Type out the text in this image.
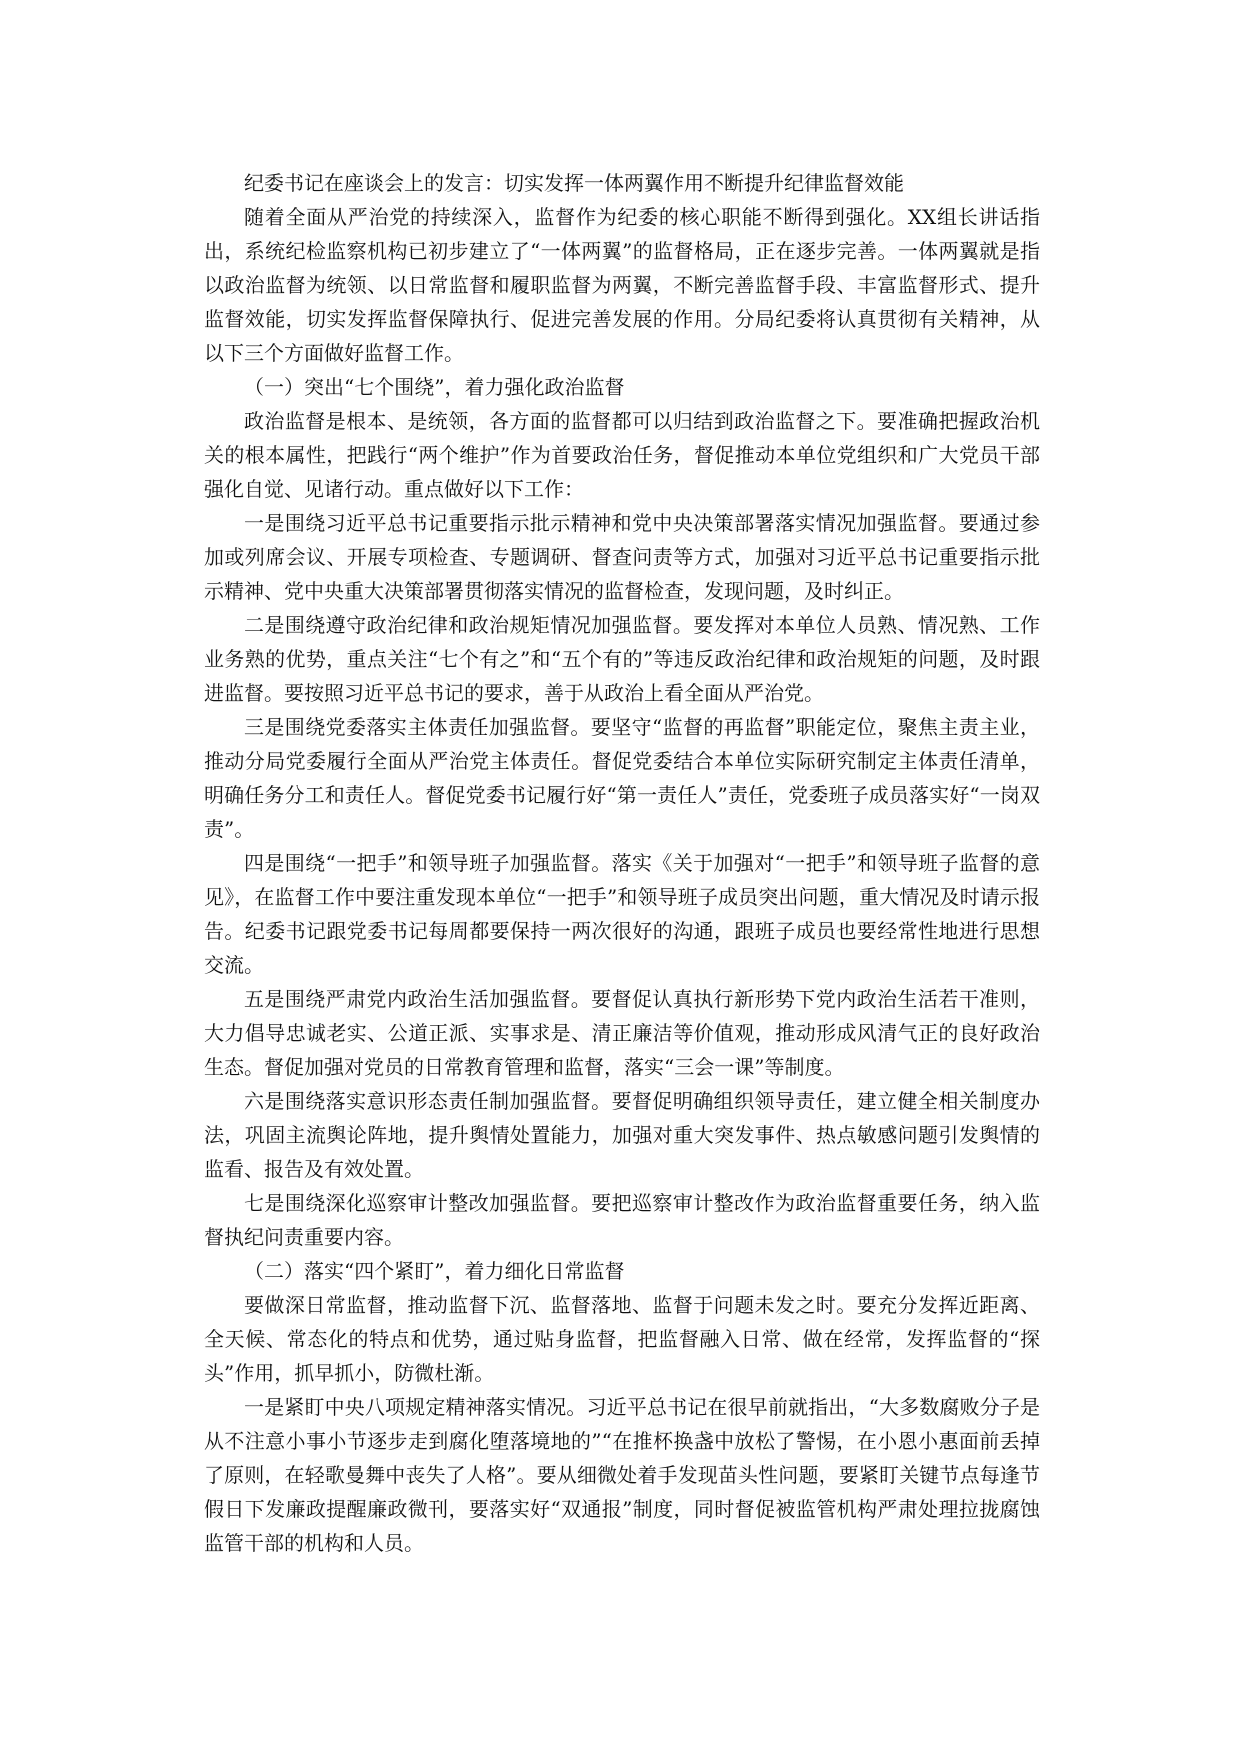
纪委书记在座谈会上的发言：切实发挥一体两翼作用不断提升纪律监督效能

随着全面从严治党的持续深入，监督作为纪委的核心职能不断得到强化。XX组长讲话指出，系统纪检监察机构已初步建立了“一体两翼”的监督格局，正在逐步完善。一体两翼就是指以政治监督为统领、以日常监督和履职监督为两翼，不断完善监督手段、丰富监督形式、提升监督效能，切实发挥监督保障执行、促进完善发展的作用。分局纪委将认真贯彻有关精神，从以下三个方面做好监督工作。

（一）突出“七个围绕”，着力强化政治监督

政治监督是根本、是统领，各方面的监督都可以归结到政治监督之下。要准确把握政治机关的根本属性，把践行“两个维护”作为首要政治任务，督促推动本单位党组织和广大党员干部强化自觉、见诸行动。重点做好以下工作：

一是围绕习近平总书记重要指示批示精神和党中央决策部署落实情况加强监督。要通过参加或列席会议、开展专项检查、专题调研、督查问责等方式，加强对习近平总书记重要指示批示精神、党中央重大决策部署贯彻落实情况的监督检查，发现问题，及时纠正。

二是围绕遵守政治纪律和政治规矩情况加强监督。要发挥对本单位人员熟、情况熟、工作业务熟的优势，重点关注“七个有之”和“五个有的”等违反政治纪律和政治规矩的问题，及时跟进监督。要按照习近平总书记的要求，善于从政治上看全面从严治党。

三是围绕党委落实主体责任加强监督。要坚守“监督的再监督”职能定位，聚焦主责主业，推动分局党委履行全面从严治党主体责任。督促党委结合本单位实际研究制定主体责任清单，明确任务分工和责任人。督促党委书记履行好“第一责任人”责任，党委班子成员落实好“一岗双责”。

四是围绕“一把手”和领导班子加强监督。落实《关于加强对“一把手”和领导班子监督的意见》，在监督工作中要注重发现本单位“一把手”和领导班子成员突出问题，重大情况及时请示报告。纪委书记跟党委书记每周都要保持一两次很好的沟通，跟班子成员也要经常性地进行思想交流。

五是围绕严肃党内政治生活加强监督。要督促认真执行新形势下党内政治生活若干准则，大力倡导忠诚老实、公道正派、实事求是、清正廉洁等价值观，推动形成风清气正的良好政治生态。督促加强对党员的日常教育管理和监督，落实“三会一课”等制度。

六是围绕落实意识形态责任制加强监督。要督促明确组织领导责任，建立健全相关制度办法，巩固主流舆论阵地，提升舆情处置能力，加强对重大突发事件、热点敏感问题引发舆情的监看、报告及有效处置。

七是围绕深化巡察审计整改加强监督。要把巡察审计整改作为政治监督重要任务，纳入监督执纪问责重要内容。

（二）落实“四个紧盯”，着力细化日常监督

要做深日常监督，推动监督下沉、监督落地、监督于问题未发之时。要充分发挥近距离、全天候、常态化的特点和优势，通过贴身监督，把监督融入日常、做在经常，发挥监督的“探头”作用，抓早抓小，防微杜渐。

一是紧盯中央八项规定精神落实情况。习近平总书记在很早前就指出，“大多数腐败分子是从不注意小事小节逐步走到腐化堕落境地的”“在推杯换盏中放松了警惕，在小恩小惠面前丢掉了原则，在轻歌曼舞中丧失了人格”。要从细微处着手发现苗头性问题，要紧盯关键节点每逢节假日下发廉政提醒廉政微刊，要落实好“双通报”制度，同时督促被监管机构严肃处理拉拢腐蚀监管干部的机构和人员。
